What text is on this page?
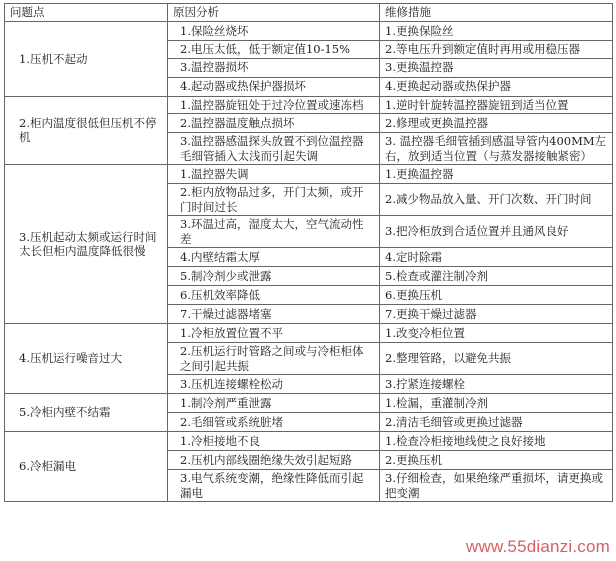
问题点	原因分析	维修措施
1.压机不起动	1.保险丝烧坏	1.更换保险丝
	2.电压太低，低于额定值10-15%	2.等电压升到额定值时再用或用稳压器
	3.温控器损坏	3.更换温控器
	4.起动器或热保护器损坏	4.更换起动器或热保护器
2.柜内温度很低但压机不停机	1.温控器旋钮处于过冷位置或速冻档	1.逆时针旋转温控器旋钮到适当位置
	2.温控器温度触点损坏	2.修理或更换温控器
	3.温控器感温探头放置不到位温控器毛细管插入太浅而引起失调	3. 温控器毛细管插到感温导管内400MM左右，放到适当位置（与蒸发器接触紧密）
3.压机起动太频或运行时间太长但柜内温度降低很慢	1.温控器失调	1.更换温控器
	2.柜内放物品过多，开门太频，或开门时间过长	2.减少物品放入量、开门次数、开门时间
	3.环温过高，湿度太大，空气流动性差	3.把冷柜放到合适位置并且通风良好
	4.内壁结霜太厚	4.定时除霜
	5.制冷剂少或泄露	5.检查或灌注制冷剂
	6.压机效率降低	6.更换压机
	7.干燥过滤器堵塞	7.更换干燥过滤器
4.压机运行噪音过大	1.冷柜放置位置不平	1.改变冷柜位置
	2.压机运行时管路之间或与冷柜柜体之间引起共振	2.整理管路，以避免共振
	3.压机连接螺栓松动	3.拧紧连接螺栓
5.冷柜内壁不结霜	1.制冷剂严重泄露	1.检漏，重灌制冷剂
	2.毛细管或系统脏堵	2.清洁毛细管或更换过滤器
6.冷柜漏电	1.冷柜接地不良	1.检查冷柜接地线使之良好接地
	2.压机内部线圈绝缘失效引起短路	2.更换压机
	3.电气系统变潮，绝缘性降低而引起漏电	3.仔细检查，如果绝缘严重损坏，请更换或把变潮
www.55dianzi.com
